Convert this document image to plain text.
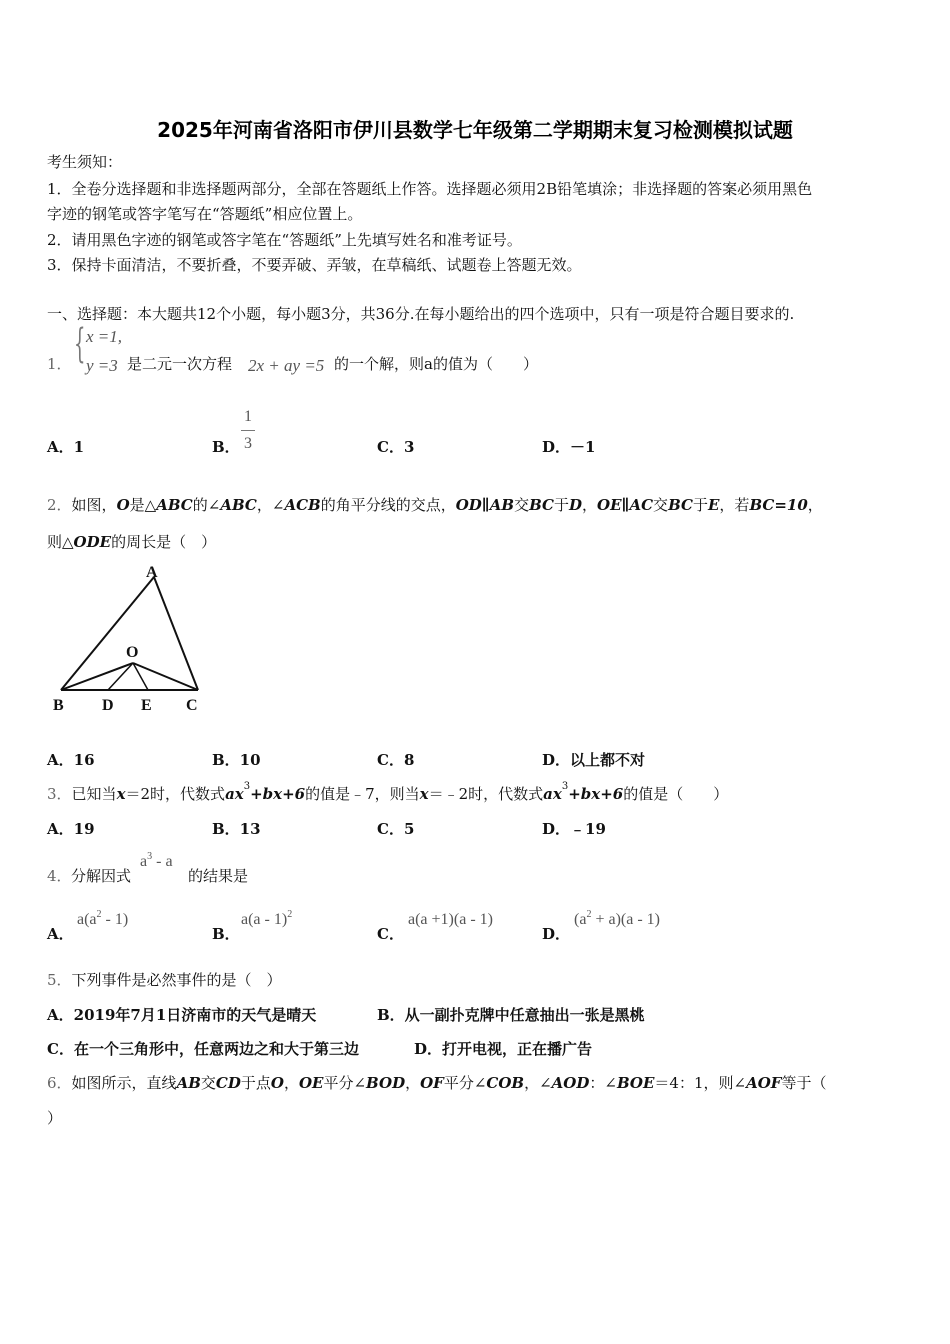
2025年河南省洛阳市伊川县数学七年级第二学期期末复习检测模拟试题
考生须知：
1．全卷分选择题和非选择题两部分，全部在答题纸上作答。选择题必须用2B铅笔填涂；非选择题的答案必须用黑色
字迹的钢笔或答字笔写在“答题纸”相应位置上。
2．请用黑色字迹的钢笔或答字笔在“答题纸”上先填写姓名和准考证号。
3．保持卡面清洁，不要折叠，不要弄破、弄皱，在草稿纸、试题卷上答题无效。
一、选择题：本大题共12个小题，每小题3分，共36分.在每小题给出的四个选项中，只有一项是符合题目要求的.
1． { x =1,
y =3 是二元一次方程 2x + ay =5 的一个解，则a的值为（　　）
A．1	B．
1
3	C．3	D．－1
2．如图，O是△ABC的∠ABC，∠ACB的角平分线的交点，OD∥AB交BC于D，OE∥AC交BC于E，若BC=10，
则△ODE的周长是（　）
A
O
B D E C
A．16	B．10	C．8	D．以上都不对
3．已知当x＝2时，代数式$ax^3+bx+6$的值是﹣7，则当x＝﹣2时，代数式$ax^3+bx+6$的值是（　　）
A．19	B．13	C．5	D．﹣19
4． 分解因式
$a^3$ - a
的结果是
A．
$a(a^2 - 1)$
B．
a(a - 1)$^2$
C．
a(a +1)(a - 1)
D．
$(a^2 + a)(a - 1)$
5．下列事件是必然事件的是（　）
A．2019年7月1日济南市的天气是晴天	B．从一副扑克牌中任意抽出一张是黑桃
C．在一个三角形中，任意两边之和大于第三边	D．打开电视，正在播广告
6．如图所示，直线AB交CD于点O，OE平分∠BOD，OF平分∠COB，∠AOD：∠BOE＝4：1，则∠AOF等于（
）
